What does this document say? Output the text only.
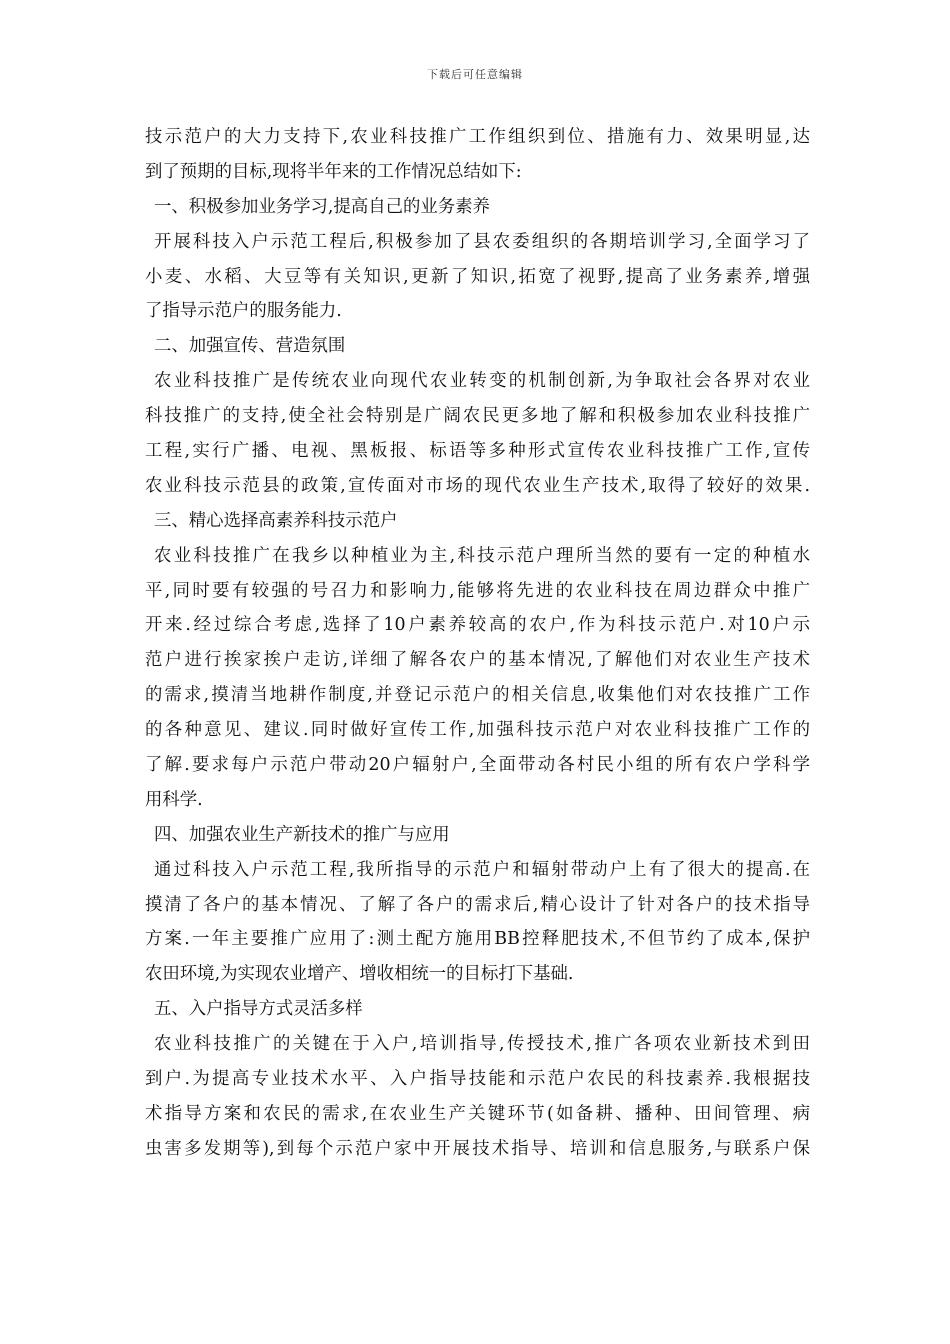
下载后可任意编辑
技示范户的大力支持下,农业科技推广工作组织到位、措施有力、效果明显,达
到了预期的目标,现将半年来的工作情况总结如下:
一、积极参加业务学习,提高自己的业务素养
开展科技入户示范工程后,积极参加了县农委组织的各期培训学习,全面学习了
小麦、水稻、大豆等有关知识,更新了知识,拓宽了视野,提高了业务素养,增强
了指导示范户的服务能力.
二、加强宣传、营造氛围
农业科技推广是传统农业向现代农业转变的机制创新,为争取社会各界对农业
科技推广的支持,使全社会特别是广阔农民更多地了解和积极参加农业科技推广
工程,实行广播、电视、黑板报、标语等多种形式宣传农业科技推广工作,宣传
农业科技示范县的政策,宣传面对市场的现代农业生产技术,取得了较好的效果.
三、精心选择高素养科技示范户
农业科技推广在我乡以种植业为主,科技示范户理所当然的要有一定的种植水
平,同时要有较强的号召力和影响力,能够将先进的农业科技在周边群众中推广
开来.经过综合考虑,选择了10户素养较高的农户,作为科技示范户.对10户示
范户进行挨家挨户走访,详细了解各农户的基本情况,了解他们对农业生产技术
的需求,摸清当地耕作制度,并登记示范户的相关信息,收集他们对农技推广工作
的各种意见、建议.同时做好宣传工作,加强科技示范户对农业科技推广工作的
了解.要求每户示范户带动20户辐射户,全面带动各村民小组的所有农户学科学
用科学.
四、加强农业生产新技术的推广与应用
通过科技入户示范工程,我所指导的示范户和辐射带动户上有了很大的提高.在
摸清了各户的基本情况、了解了各户的需求后,精心设计了针对各户的技术指导
方案.一年主要推广应用了:测土配方施用BB控释肥技术,不但节约了成本,保护
农田环境,为实现农业增产、增收相统一的目标打下基础.
五、入户指导方式灵活多样
农业科技推广的关键在于入户,培训指导,传授技术,推广各项农业新技术到田
到户.为提高专业技术水平、入户指导技能和示范户农民的科技素养.我根据技
术指导方案和农民的需求,在农业生产关键环节(如备耕、播种、田间管理、病
虫害多发期等),到每个示范户家中开展技术指导、培训和信息服务,与联系户保
